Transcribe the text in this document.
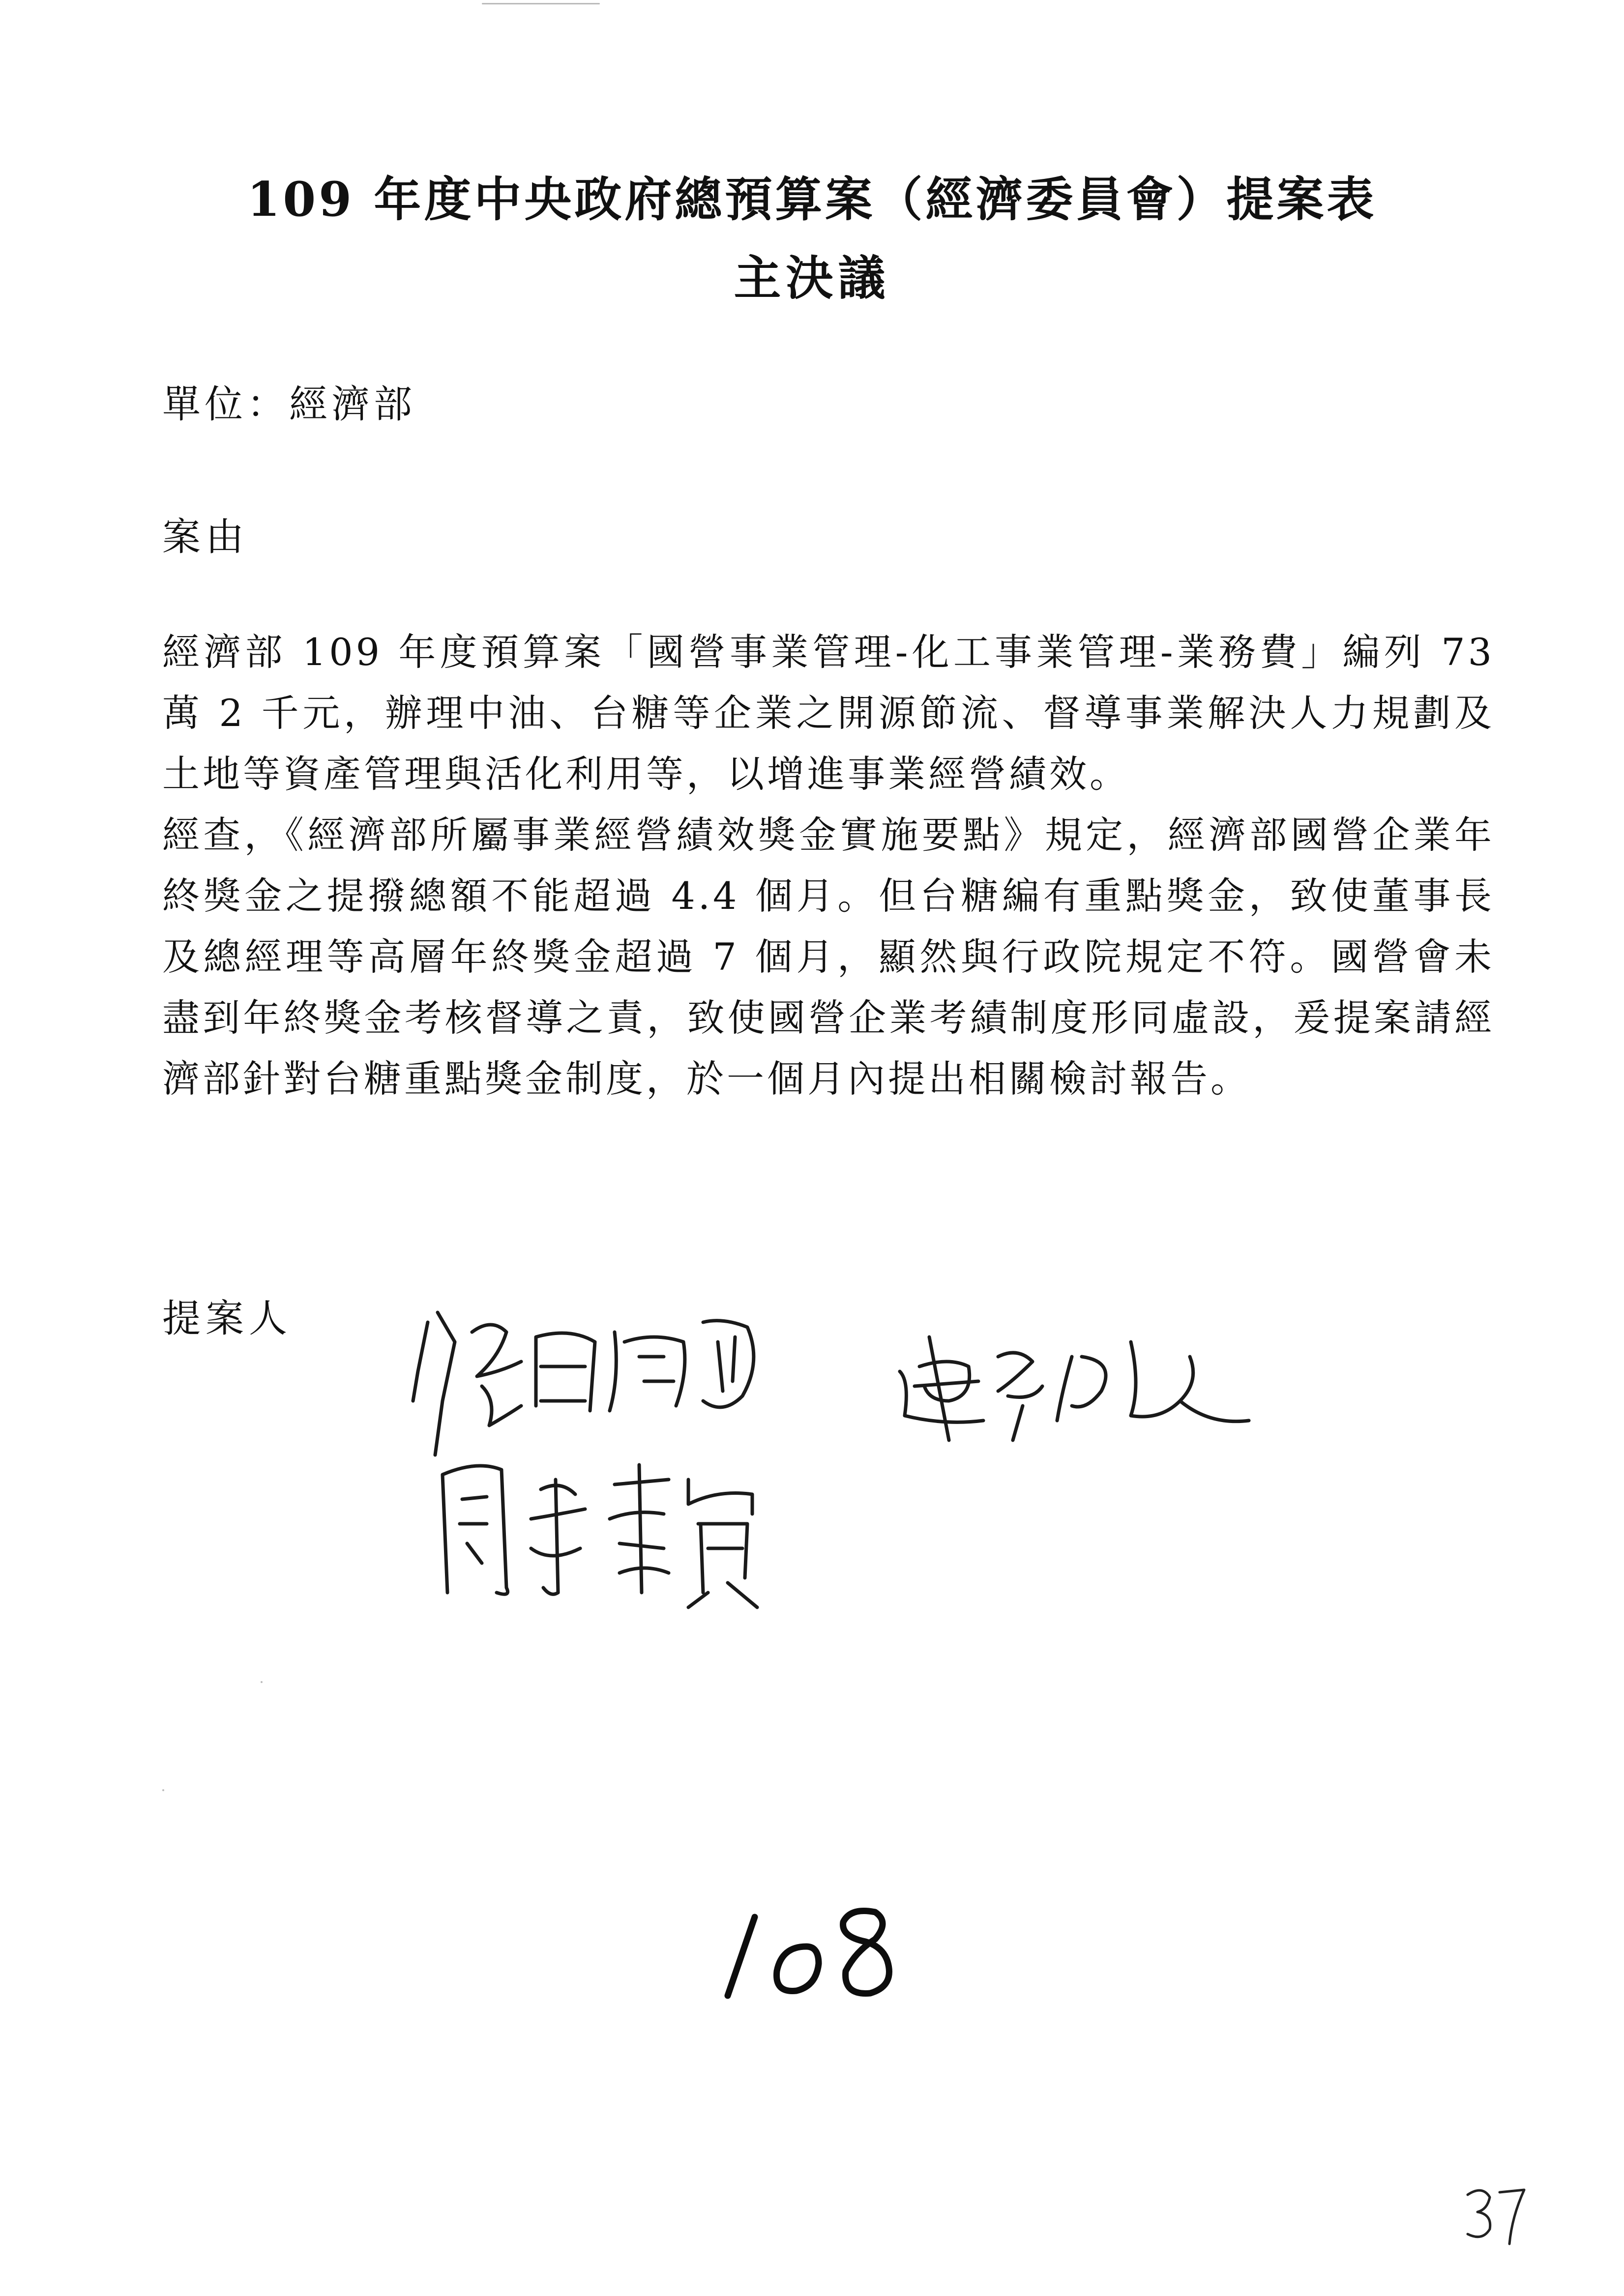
109 年度中央政府總預算案（經濟委員會）提案表
主決議
單位：經濟部
案由

經濟部 109 年度預算案「國營事業管理-化工事業管理-業務費」編列 73 萬 2 千元，辦理中油、台糖等企業之開源節流、督導事業解決人力規劃及土地等資產管理與活化利用等，以增進事業經營績效。

經查，《經濟部所屬事業經營績效獎金實施要點》規定，經濟部國營企業年終獎金之提撥總額不能超過 4.4 個月。但台糖編有重點獎金，致使董事長及總經理等高層年終獎金超過 7 個月，顯然與行政院規定不符。國營會未盡到年終獎金考核督導之責，致使國營企業考績制度形同虛設，爰提案請經濟部針對台糖重點獎金制度，於一個月內提出相關檢討報告。

提案人
